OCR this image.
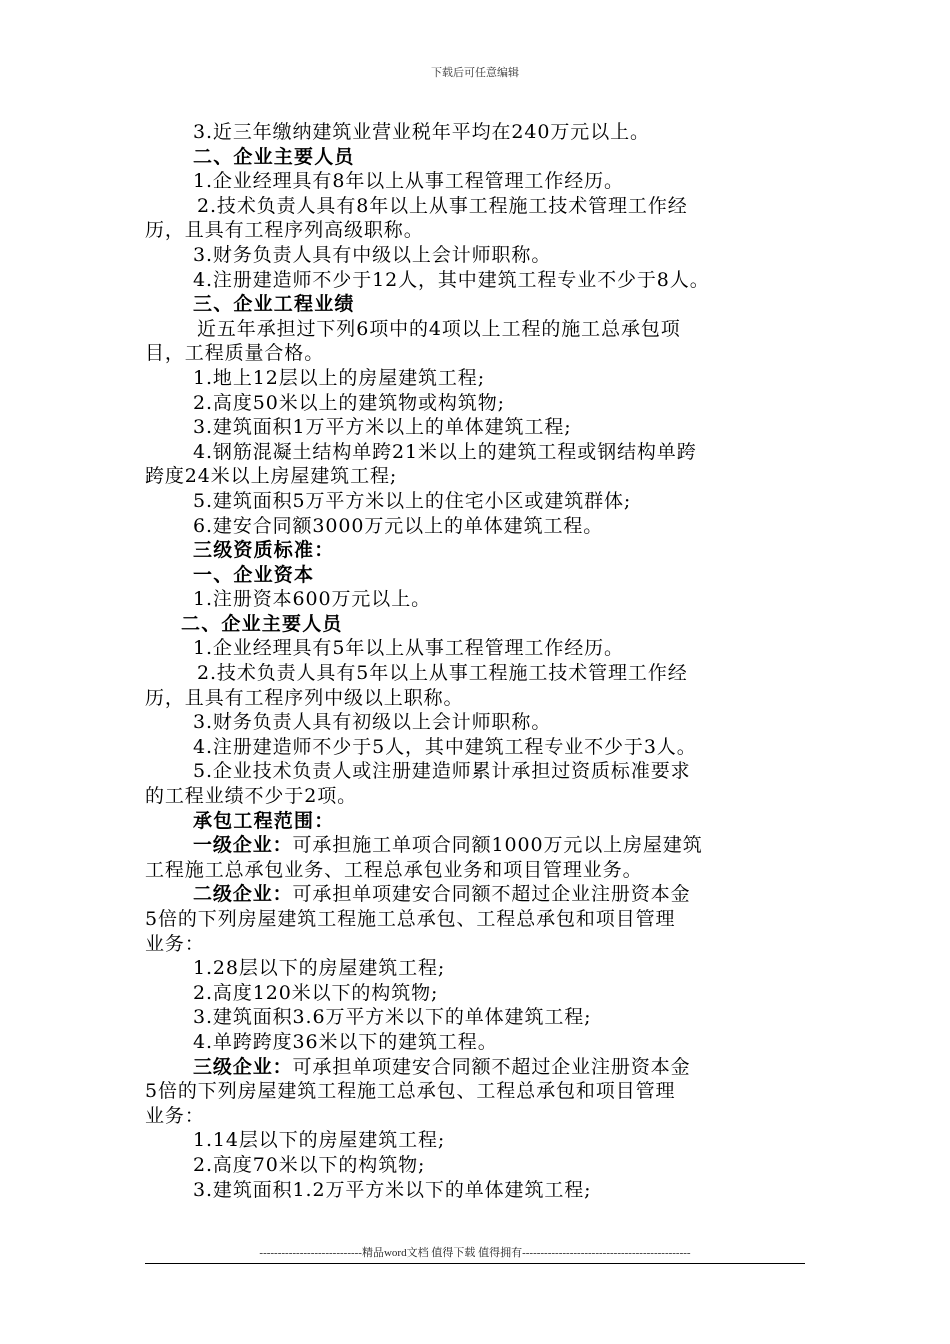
下载后可任意编辑
3.近三年缴纳建筑业营业税年平均在240万元以上。
二、企业主要人员
1.企业经理具有8年以上从事工程管理工作经历。
2.技术负责人具有8年以上从事工程施工技术管理工作经
历，且具有工程序列高级职称。
3.财务负责人具有中级以上会计师职称。
4.注册建造师不少于12人，其中建筑工程专业不少于8人。
三、企业工程业绩
近五年承担过下列6项中的4项以上工程的施工总承包项
目，工程质量合格。
1.地上12层以上的房屋建筑工程;
2.高度50米以上的建筑物或构筑物;
3.建筑面积1万平方米以上的单体建筑工程;
4.钢筋混凝土结构单跨21米以上的建筑工程或钢结构单跨
跨度24米以上房屋建筑工程;
5.建筑面积5万平方米以上的住宅小区或建筑群体;
6.建安合同额3000万元以上的单体建筑工程。
三级资质标准：
一、企业资本
1.注册资本600万元以上。
二、企业主要人员
1.企业经理具有5年以上从事工程管理工作经历。
2.技术负责人具有5年以上从事工程施工技术管理工作经
历，且具有工程序列中级以上职称。
3.财务负责人具有初级以上会计师职称。
4.注册建造师不少于5人，其中建筑工程专业不少于3人。
5.企业技术负责人或注册建造师累计承担过资质标准要求
的工程业绩不少于2项。
承包工程范围：
一级企业：可承担施工单项合同额1000万元以上房屋建筑
工程施工总承包业务、工程总承包业务和项目管理业务。
二级企业：可承担单项建安合同额不超过企业注册资本金
5倍的下列房屋建筑工程施工总承包、工程总承包和项目管理
业务：
1.28层以下的房屋建筑工程;
2.高度120米以下的构筑物;
3.建筑面积3.6万平方米以下的单体建筑工程;
4.单跨跨度36米以下的建筑工程。
三级企业：可承担单项建安合同额不超过企业注册资本金
5倍的下列房屋建筑工程施工总承包、工程总承包和项目管理
业务：
1.14层以下的房屋建筑工程;
2.高度70米以下的构筑物;
3.建筑面积1.2万平方米以下的单体建筑工程;
----------------------------精品word文档 值得下载 值得拥有----------------------------------------------
